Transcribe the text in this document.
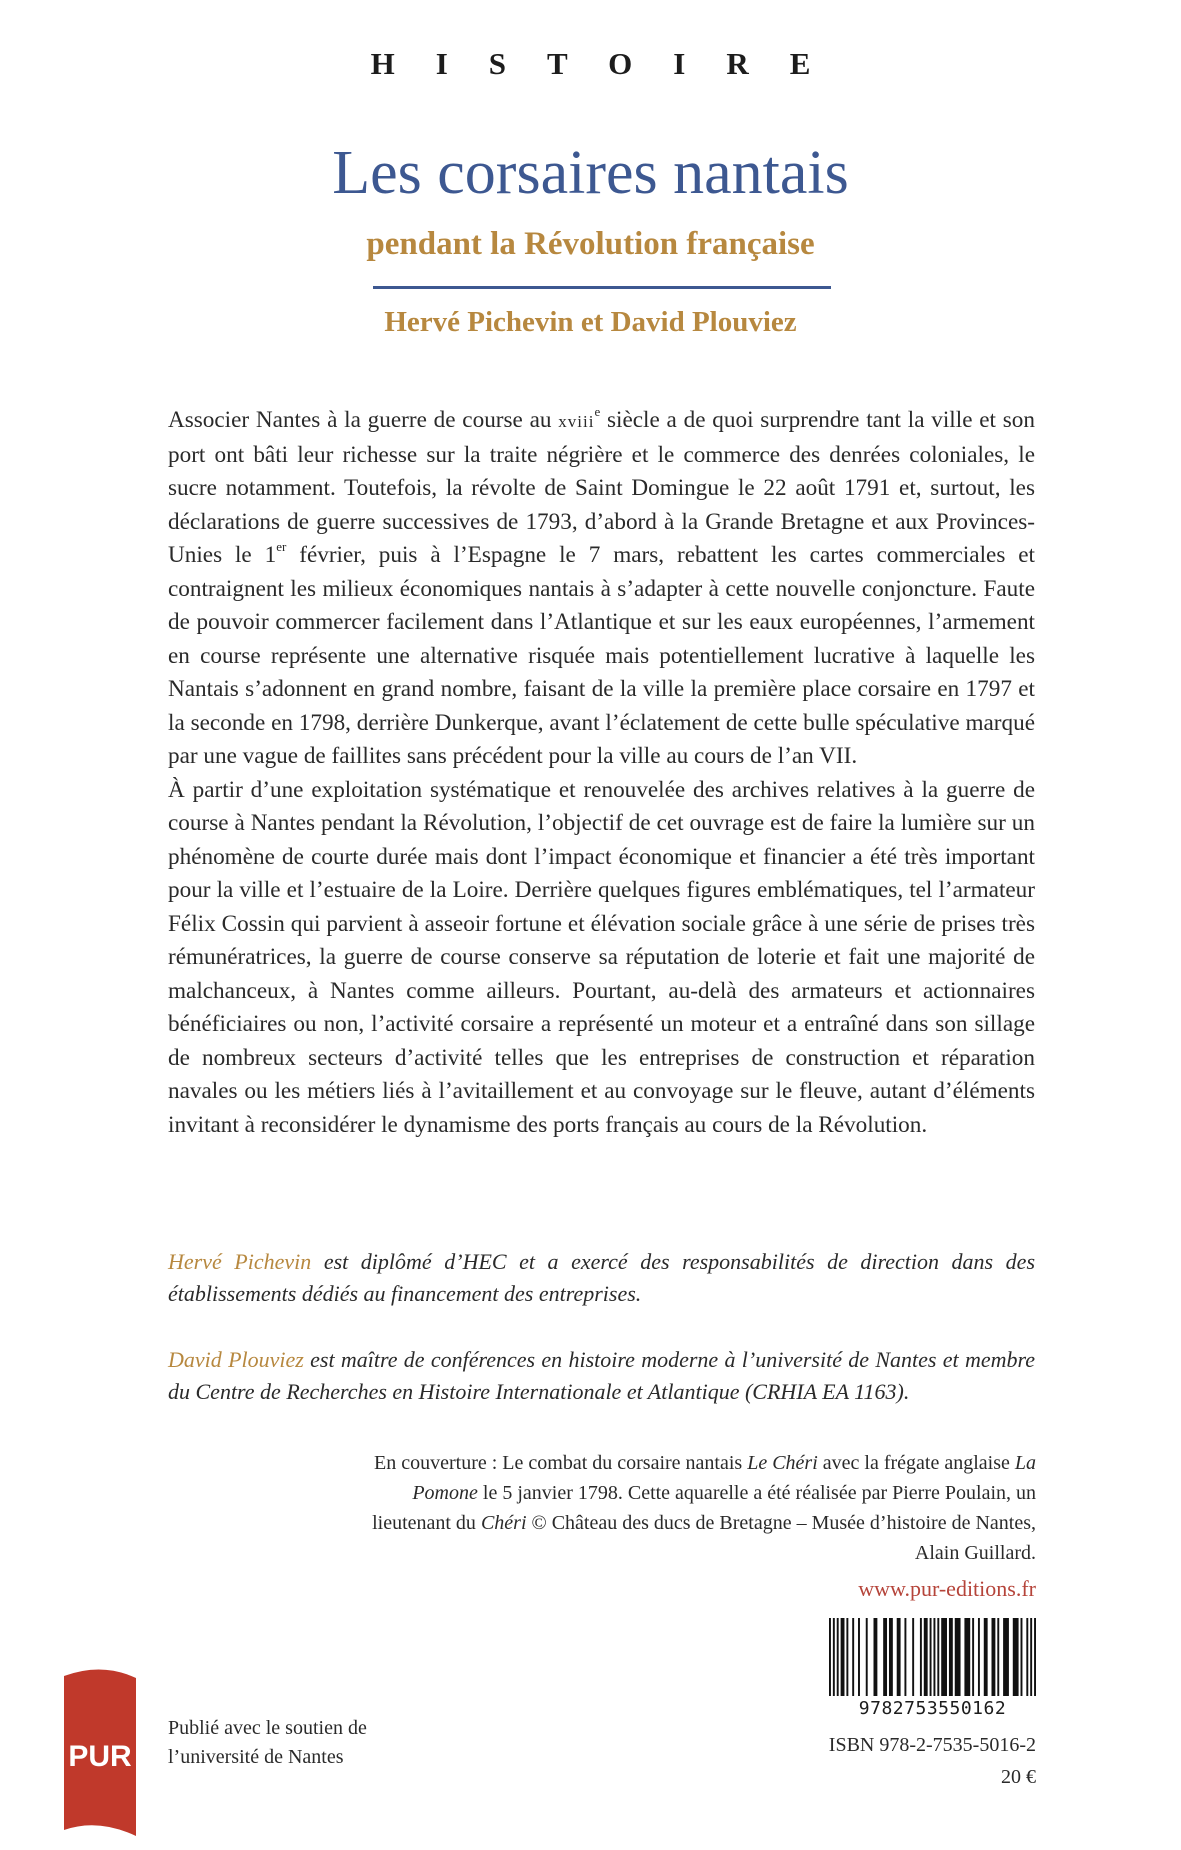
HISTOIRE
Les corsaires nantais
pendant la Révolution française
Hervé Pichevin et David Plouviez

Associer Nantes à la guerre de course au xviii$^e$ siècle a de quoi surprendre tant la ville et son port ont bâti leur richesse sur la traite négrière et le commerce des denrées coloniales, le sucre notamment. Toutefois, la révolte de Saint Domingue le 22 août 1791 et, surtout, les déclarations de guerre successives de 1793, d’abord à la Grande Bretagne et aux Provinces-Unies le 1er février, puis à l’Espagne le 7 mars, rebattent les cartes commerciales et contraignent les milieux économiques nantais à s’adapter à cette nouvelle conjoncture. Faute de pouvoir commercer facilement dans l’Atlantique et sur les eaux européennes, l’armement en course représente une alternative risquée mais potentiellement lucrative à laquelle les Nantais s’adonnent en grand nombre, faisant de la ville la première place corsaire en 1797 et la seconde en 1798, derrière Dunkerque, avant l’éclatement de cette bulle spéculative marqué par une vague de faillites sans précédent pour la ville au cours de l’an VII.

À partir d’une exploitation systématique et renouvelée des archives relatives à la guerre de course à Nantes pendant la Révolution, l’objectif de cet ouvrage est de faire la lumière sur un phénomène de courte durée mais dont l’impact économique et financier a été très important pour la ville et l’estuaire de la Loire. Derrière quelques figures emblématiques, tel l’armateur Félix Cossin qui parvient à asseoir fortune et élévation sociale grâce à une série de prises très rémunératrices, la guerre de course conserve sa réputation de loterie et fait une majorité de malchanceux, à Nantes comme ailleurs. Pourtant, au-delà des armateurs et actionnaires bénéficiaires ou non, l’activité corsaire a représenté un moteur et a entraîné dans son sillage de nombreux secteurs d’activité telles que les entreprises de construction et réparation navales ou les métiers liés à l’avitaillement et au convoyage sur le fleuve, autant d’éléments invitant à reconsidérer le dynamisme des ports français au cours de la Révolution.

Hervé Pichevin est diplômé d’HEC et a exercé des responsabilités de direction dans des établissements dédiés au financement des entreprises.
David Plouviez est maître de conférences en histoire moderne à l’université de Nantes et membre du Centre de Recherches en Histoire Internationale et Atlantique (CRHIA EA 1163).
En couverture : Le combat du corsaire nantais Le Chéri avec la frégate anglaise La Pomone le 5 janvier 1798. Cette aquarelle a été réalisée par Pierre Poulain, un lieutenant du Chéri © Château des ducs de Bretagne – Musée d’histoire de Nantes, Alain Guillard.
www.pur-editions.fr
9782753550162
ISBN 978-2-7535-5016-2
20 €
PUR
Publié avec le soutien de
l’université de Nantes
